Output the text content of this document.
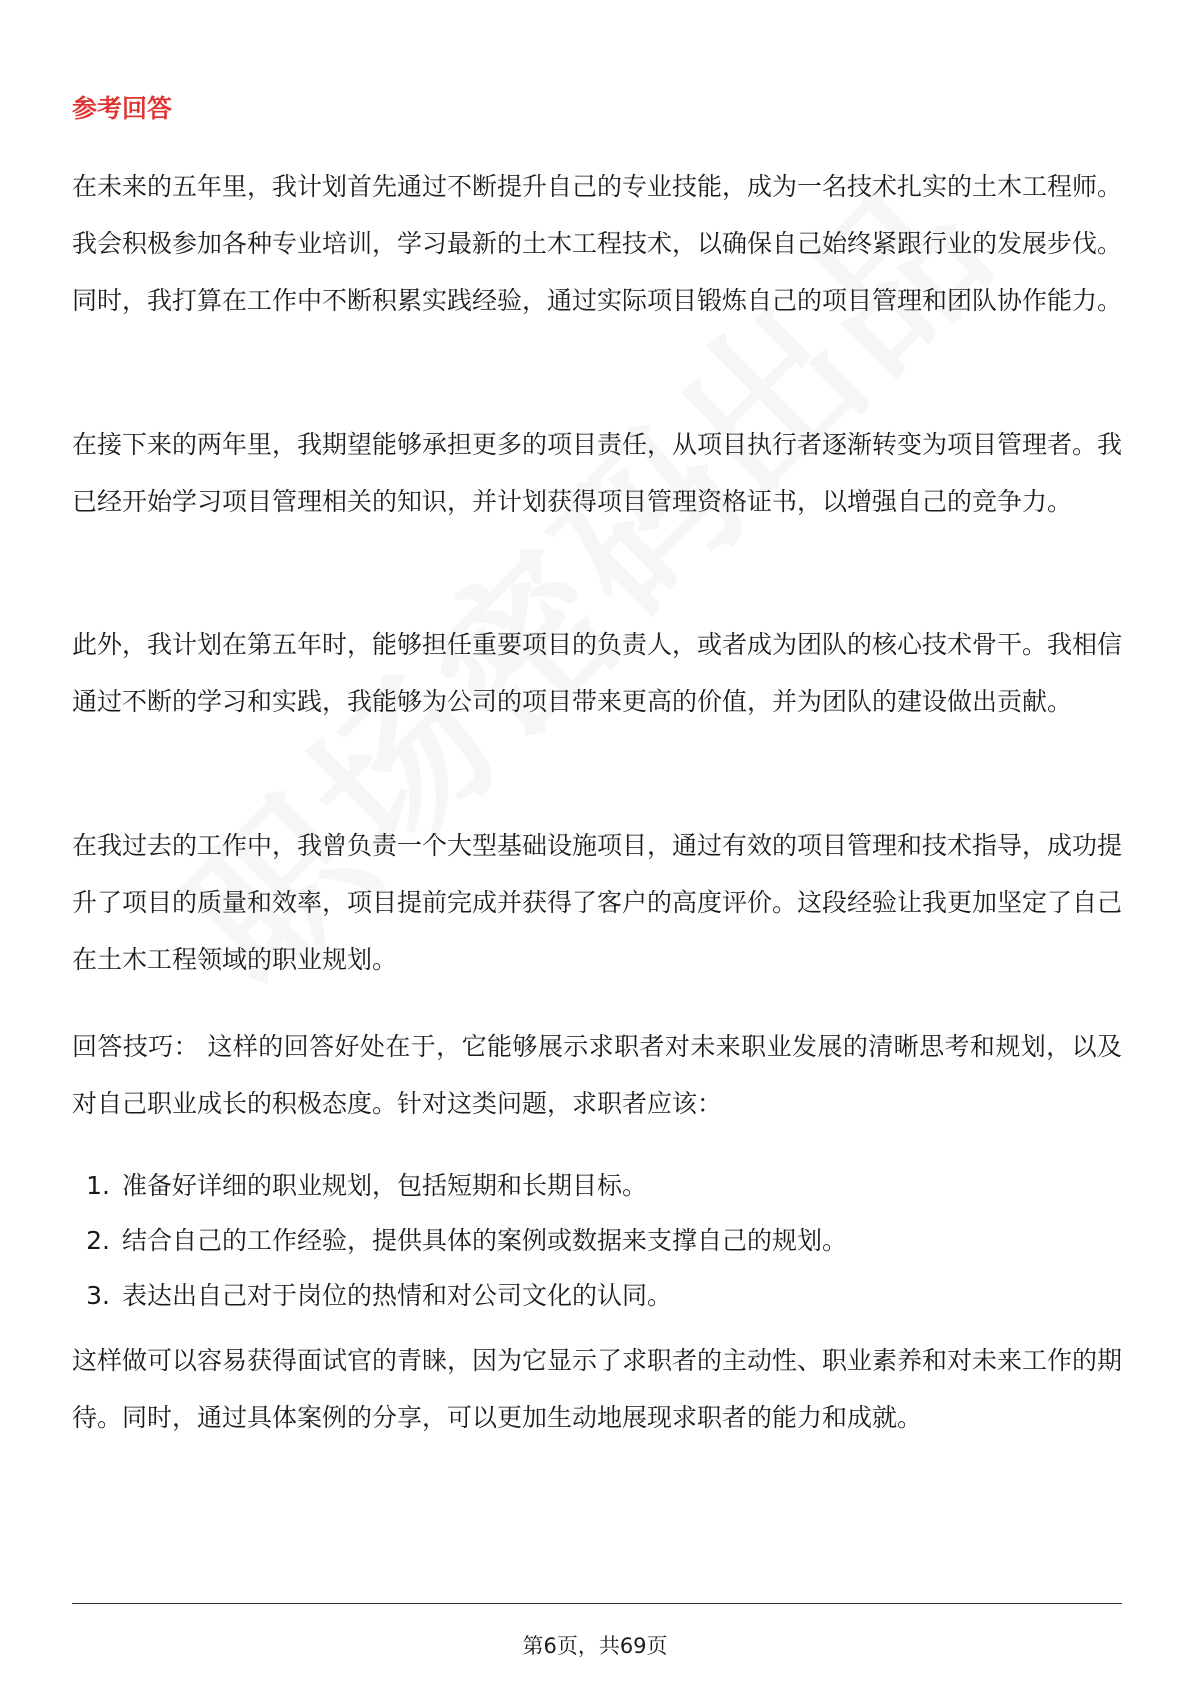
参考回答

在未来的五年里，我计划首先通过不断提升自己的专业技能，成为一名技术扎实的土木工程师。我会积极参加各种专业培训，学习最新的土木工程技术，以确保自己始终紧跟行业的发展步伐。同时，我打算在工作中不断积累实践经验，通过实际项目锻炼自己的项目管理和团队协作能力。

在接下来的两年里，我期望能够承担更多的项目责任，从项目执行者逐渐转变为项目管理者。我已经开始学习项目管理相关的知识，并计划获得项目管理资格证书，以增强自己的竞争力。

此外，我计划在第五年时，能够担任重要项目的负责人，或者成为团队的核心技术骨干。我相信通过不断的学习和实践，我能够为公司的项目带来更高的价值，并为团队的建设做出贡献。

在我过去的工作中，我曾负责一个大型基础设施项目，通过有效的项目管理和技术指导，成功提升了项目的质量和效率，项目提前完成并获得了客户的高度评价。这段经验让我更加坚定了自己在土木工程领域的职业规划。

回答技巧： 这样的回答好处在于，它能够展示求职者对未来职业发展的清晰思考和规划，以及对自己职业成长的积极态度。针对这类问题，求职者应该：

1. 准备好详细的职业规划，包括短期和长期目标。
2. 结合自己的工作经验，提供具体的案例或数据来支撑自己的规划。
3. 表达出自己对于岗位的热情和对公司文化的认同。

这样做可以容易获得面试官的青睐，因为它显示了求职者的主动性、职业素养和对未来工作的期待。同时，通过具体案例的分享，可以更加生动地展现求职者的能力和成就。

第6页，共69页
